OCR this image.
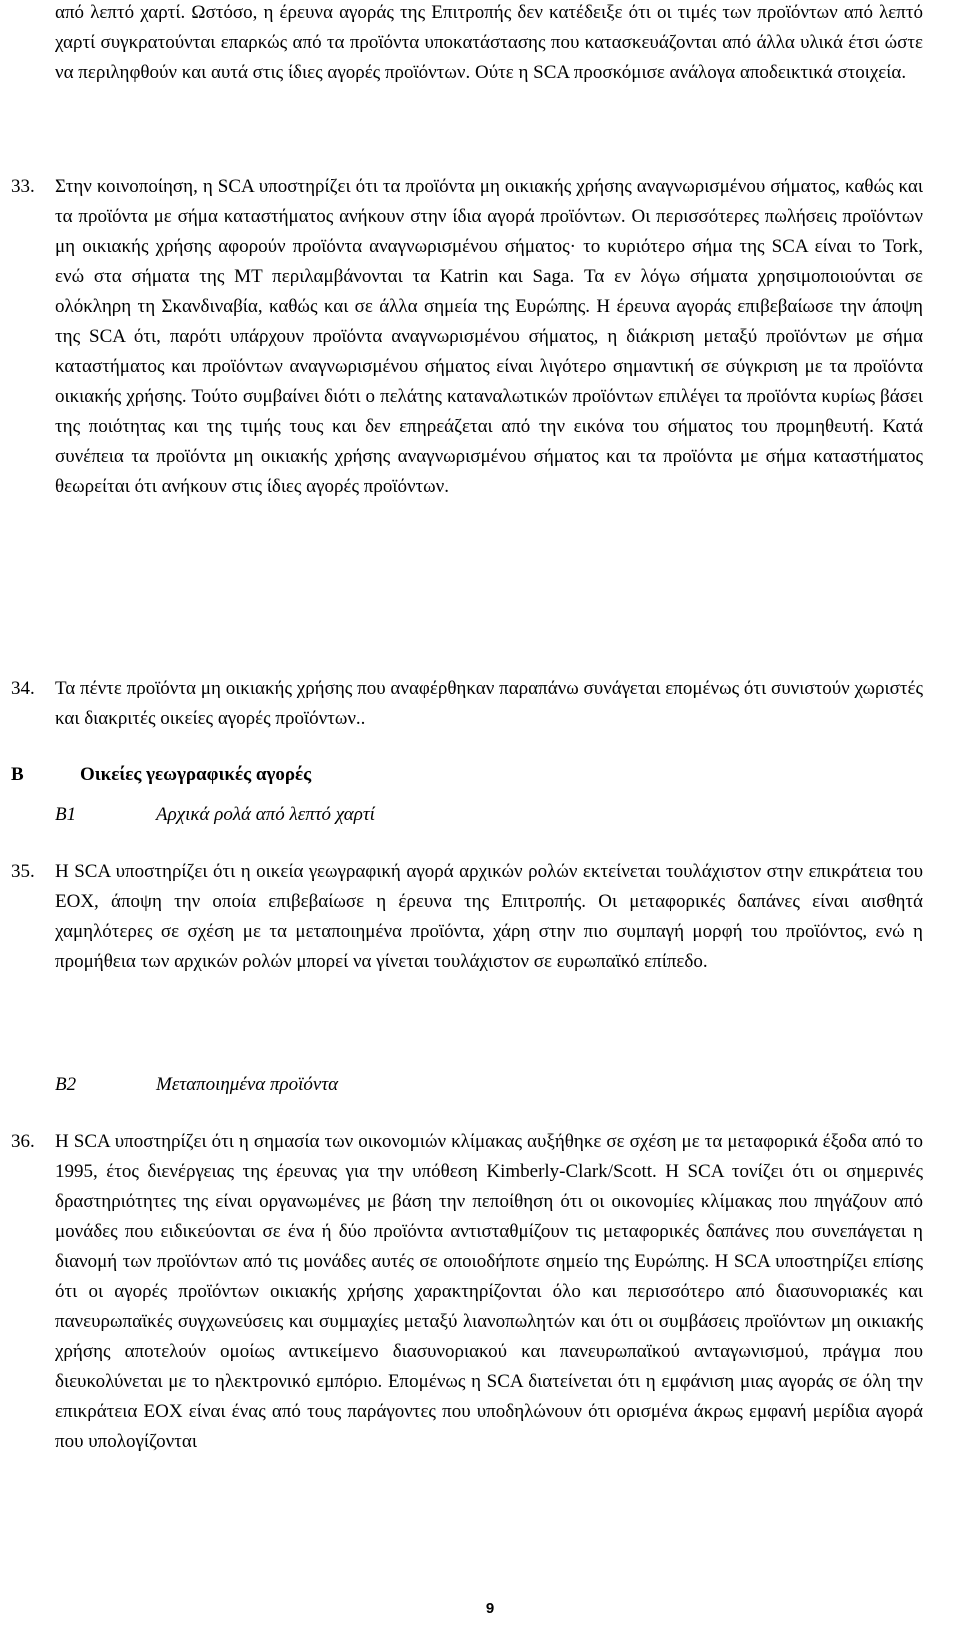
από λεπτό χαρτί. Ωστόσο, η έρευνα αγοράς της Επιτροπής δεν κατέδειξε ότι οι τιμές των προϊόντων από λεπτό χαρτί συγκρατούνται επαρκώς από τα προϊόντα υποκατάστασης που κατασκευάζονται από άλλα υλικά έτσι ώστε να περιληφθούν και αυτά στις ίδιες αγορές προϊόντων. Ούτε η SCA προσκόμισε ανάλογα αποδεικτικά στοιχεία.
33. Στην κοινοποίηση, η SCA υποστηρίζει ότι τα προϊόντα μη οικιακής χρήσης αναγνωρισμένου σήματος, καθώς και τα προϊόντα με σήμα καταστήματος ανήκουν στην ίδια αγορά προϊόντων. Οι περισσότερες πωλήσεις προϊόντων μη οικιακής χρήσης αφορούν προϊόντα αναγνωρισμένου σήματος· το κυριότερο σήμα της SCA είναι το Tork, ενώ στα σήματα της MT περιλαμβάνονται τα Katrin και Saga. Τα εν λόγω σήματα χρησιμοποιούνται σε ολόκληρη τη Σκανδιναβία, καθώς και σε άλλα σημεία της Ευρώπης. Η έρευνα αγοράς επιβεβαίωσε την άποψη της SCA ότι, παρότι υπάρχουν προϊόντα αναγνωρισμένου σήματος, η διάκριση μεταξύ προϊόντων με σήμα καταστήματος και προϊόντων αναγνωρισμένου σήματος είναι λιγότερο σημαντική σε σύγκριση με τα προϊόντα οικιακής χρήσης. Τούτο συμβαίνει διότι ο πελάτης καταναλωτικών προϊόντων επιλέγει τα προϊόντα κυρίως βάσει της ποιότητας και της τιμής τους και δεν επηρεάζεται από την εικόνα του σήματος του προμηθευτή. Κατά συνέπεια τα προϊόντα μη οικιακής χρήσης αναγνωρισμένου σήματος και τα προϊόντα με σήμα καταστήματος θεωρείται ότι ανήκουν στις ίδιες αγορές προϊόντων.
34. Τα πέντε προϊόντα μη οικιακής χρήσης που αναφέρθηκαν παραπάνω συνάγεται επομένως ότι συνιστούν χωριστές και διακριτές οικείες αγορές προϊόντων..
B	Οικείες γεωγραφικές αγορές
B1	Αρχικά ρολά από λεπτό χαρτί
35. Η SCA υποστηρίζει ότι η οικεία γεωγραφική αγορά αρχικών ρολών εκτείνεται τουλάχιστον στην επικράτεια του ΕΟΧ, άποψη την οποία επιβεβαίωσε η έρευνα της Επιτροπής. Οι μεταφορικές δαπάνες είναι αισθητά χαμηλότερες σε σχέση με τα μεταποιημένα προϊόντα, χάρη στην πιο συμπαγή μορφή του προϊόντος, ενώ η προμήθεια των αρχικών ρολών μπορεί να γίνεται τουλάχιστον σε ευρωπαϊκό επίπεδο.
B2	Μεταποιημένα προϊόντα
36. Η SCA υποστηρίζει ότι η σημασία των οικονομιών κλίμακας αυξήθηκε σε σχέση με τα μεταφορικά έξοδα από το 1995, έτος διενέργειας της έρευνας για την υπόθεση Kimberly-Clark/Scott. Η SCA τονίζει ότι οι σημερινές δραστηριότητες της είναι οργανωμένες με βάση την πεποίθηση ότι οι οικονομίες κλίμακας που πηγάζουν από μονάδες που ειδικεύονται σε ένα ή δύο προϊόντα αντισταθμίζουν τις μεταφορικές δαπάνες που συνεπάγεται η διανομή των προϊόντων από τις μονάδες αυτές σε οποιοδήποτε σημείο της Ευρώπης. Η SCA υποστηρίζει επίσης ότι οι αγορές προϊόντων οικιακής χρήσης χαρακτηρίζονται όλο και περισσότερο από διασυνοριακές και πανευρωπαϊκές συγχωνεύσεις και συμμαχίες μεταξύ λιανοπωλητών και ότι οι συμβάσεις προϊόντων μη οικιακής χρήσης αποτελούν ομοίως αντικείμενο διασυνοριακού και πανευρωπαϊκού ανταγωνισμού, πράγμα που διευκολύνεται με το ηλεκτρονικό εμπόριο. Επομένως η SCA διατείνεται ότι η εμφάνιση μιας αγοράς σε όλη την επικράτεια ΕΟΧ είναι ένας από τους παράγοντες που υποδηλώνουν ότι ορισμένα άκρως εμφανή μερίδια αγορά που υπολογίζονται
9
